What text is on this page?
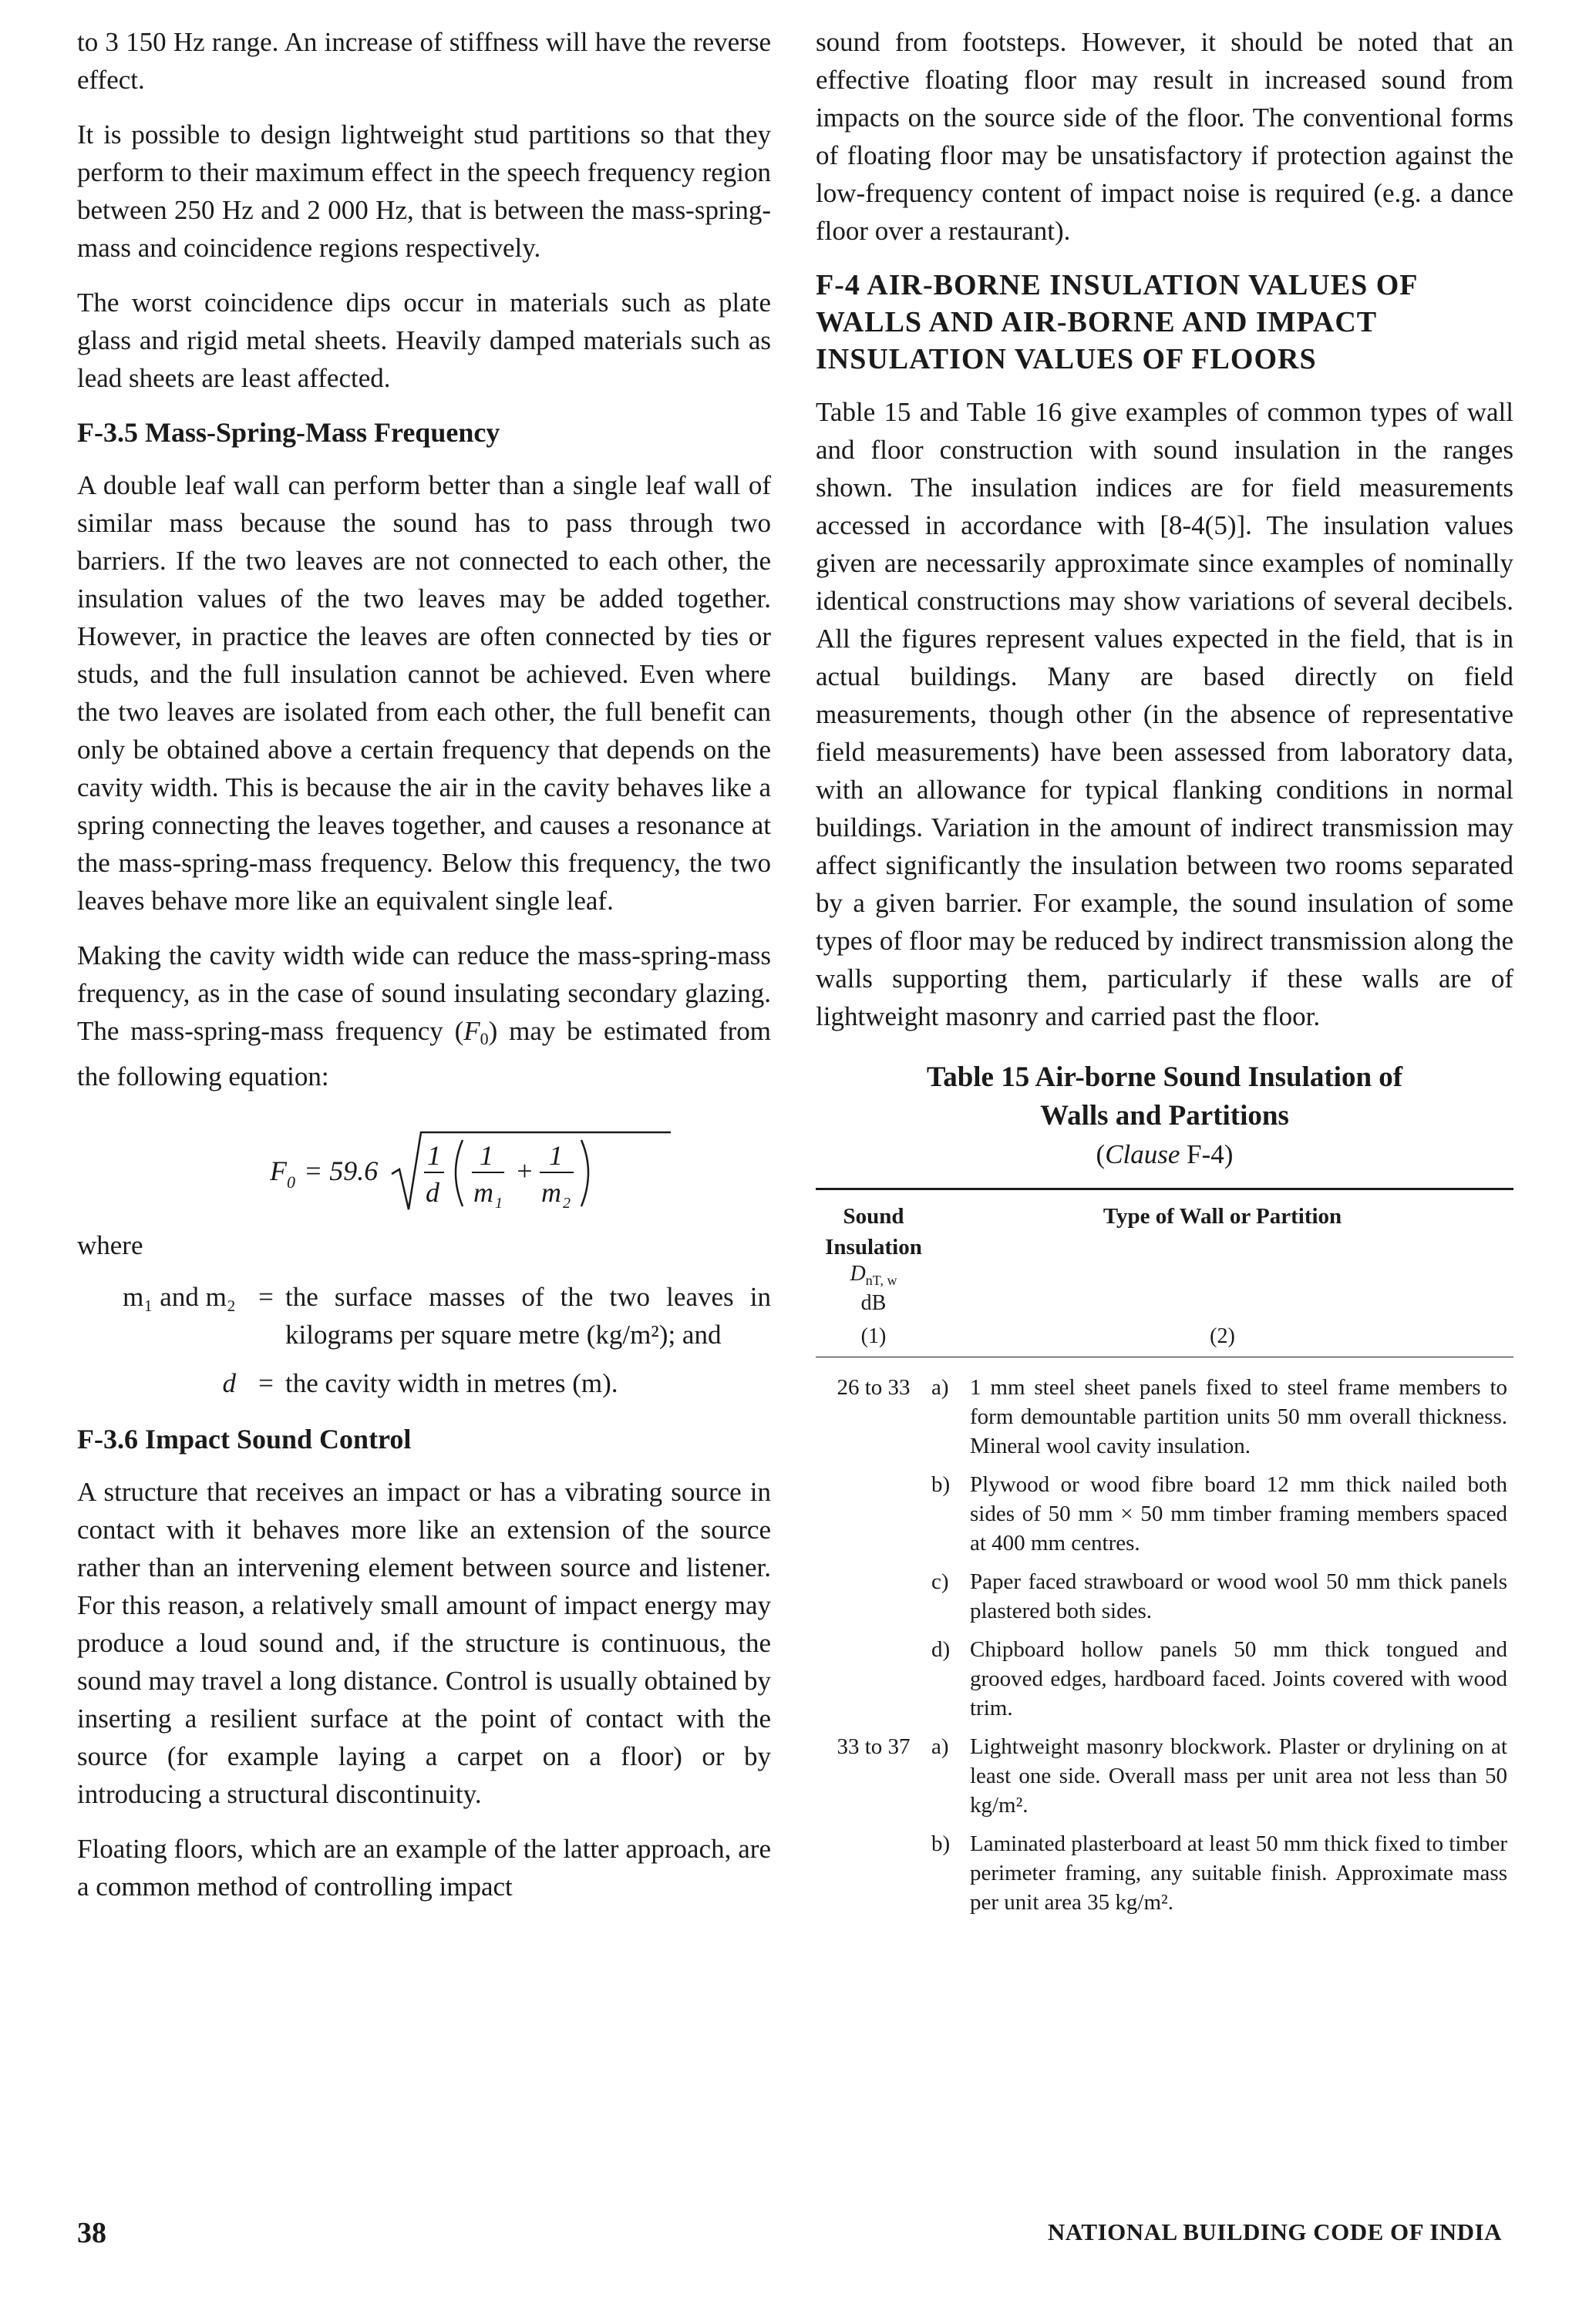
to 3 150 Hz range. An increase of stiffness will have the reverse effect.

It is possible to design lightweight stud partitions so that they perform to their maximum effect in the speech frequency region between 250 Hz and 2 000 Hz, that is between the mass-spring-mass and coincidence regions respectively.

The worst coincidence dips occur in materials such as plate glass and rigid metal sheets. Heavily damped materials such as lead sheets are least affected.

F-3.5 Mass-Spring-Mass Frequency

A double leaf wall can perform better than a single leaf wall of similar mass because the sound has to pass through two barriers. If the two leaves are not connected to each other, the insulation values of the two leaves may be added together. However, in practice the leaves are often connected by ties or studs, and the full insulation cannot be achieved. Even where the two leaves are isolated from each other, the full benefit can only be obtained above a certain frequency that depends on the cavity width. This is because the air in the cavity behaves like a spring connecting the leaves together, and causes a resonance at the mass-spring-mass frequency. Below this frequency, the two leaves behave more like an equivalent single leaf.

Making the cavity width wide can reduce the mass-spring-mass frequency, as in the case of sound insulating secondary glazing. The mass-spring-mass frequency (F0) may be estimated from the following equation:

F 0 = 59.6 1
d
1
m 1
+ 1
m 2
where
m₁ and m₂ = the surface masses of the two leaves in kilograms per square metre (kg/m²); and
d = the cavity width in metres (m).
F-3.6 Impact Sound Control

A structure that receives an impact or has a vibrating source in contact with it behaves more like an extension of the source rather than an intervening element between source and listener. For this reason, a relatively small amount of impact energy may produce a loud sound and, if the structure is continuous, the sound may travel a long distance. Control is usually obtained by inserting a resilient surface at the point of contact with the source (for example laying a carpet on a floor) or by introducing a structural discontinuity.

Floating floors, which are an example of the latter approach, are a common method of controlling impact

sound from footsteps. However, it should be noted that an effective floating floor may result in increased sound from impacts on the source side of the floor. The conventional forms of floating floor may be unsatisfactory if protection against the low-frequency content of impact noise is required (e.g. a dance floor over a restaurant).

F-4 AIR-BORNE INSULATION VALUES OF WALLS AND AIR-BORNE AND IMPACT INSULATION VALUES OF FLOORS

Table 15 and Table 16 give examples of common types of wall and floor construction with sound insulation in the ranges shown. The insulation indices are for field measurements accessed in accordance with [8-4(5)]. The insulation values given are necessarily approximate since examples of nominally identical constructions may show variations of several decibels. All the figures represent values expected in the field, that is in actual buildings. Many are based directly on field measurements, though other (in the absence of representative field measurements) have been assessed from laboratory data, with an allowance for typical flanking conditions in normal buildings. Variation in the amount of indirect transmission may affect significantly the insulation between two rooms separated by a given barrier. For example, the sound insulation of some types of floor may be reduced by indirect transmission along the walls supporting them, particularly if these walls are of lightweight masonry and carried past the floor.

Table 15 Air-borne Sound Insulation of
Walls and Partitions
(Clause F-4)
Sound Insulation
$D_{nT, w}$
dB
(1)
Type of Wall or Partition
(2)
26 to 33 a) 1 mm steel sheet panels fixed to steel frame members to form demountable partition units 50 mm overall thickness. Mineral wool cavity insulation.
b) Plywood or wood fibre board 12 mm thick nailed both sides of 50 mm × 50 mm timber framing members spaced at 400 mm centres.
c) Paper faced strawboard or wood wool 50 mm thick panels plastered both sides.
d) Chipboard hollow panels 50 mm thick tongued and grooved edges, hardboard faced. Joints covered with wood trim.
33 to 37 a) Lightweight masonry blockwork. Plaster or drylining on at least one side. Overall mass per unit area not less than 50 kg/m².
b) Laminated plasterboard at least 50 mm thick fixed to timber perimeter framing, any suitable finish. Approximate mass per unit area 35 kg/m².
38	NATIONAL BUILDING CODE OF INDIA
